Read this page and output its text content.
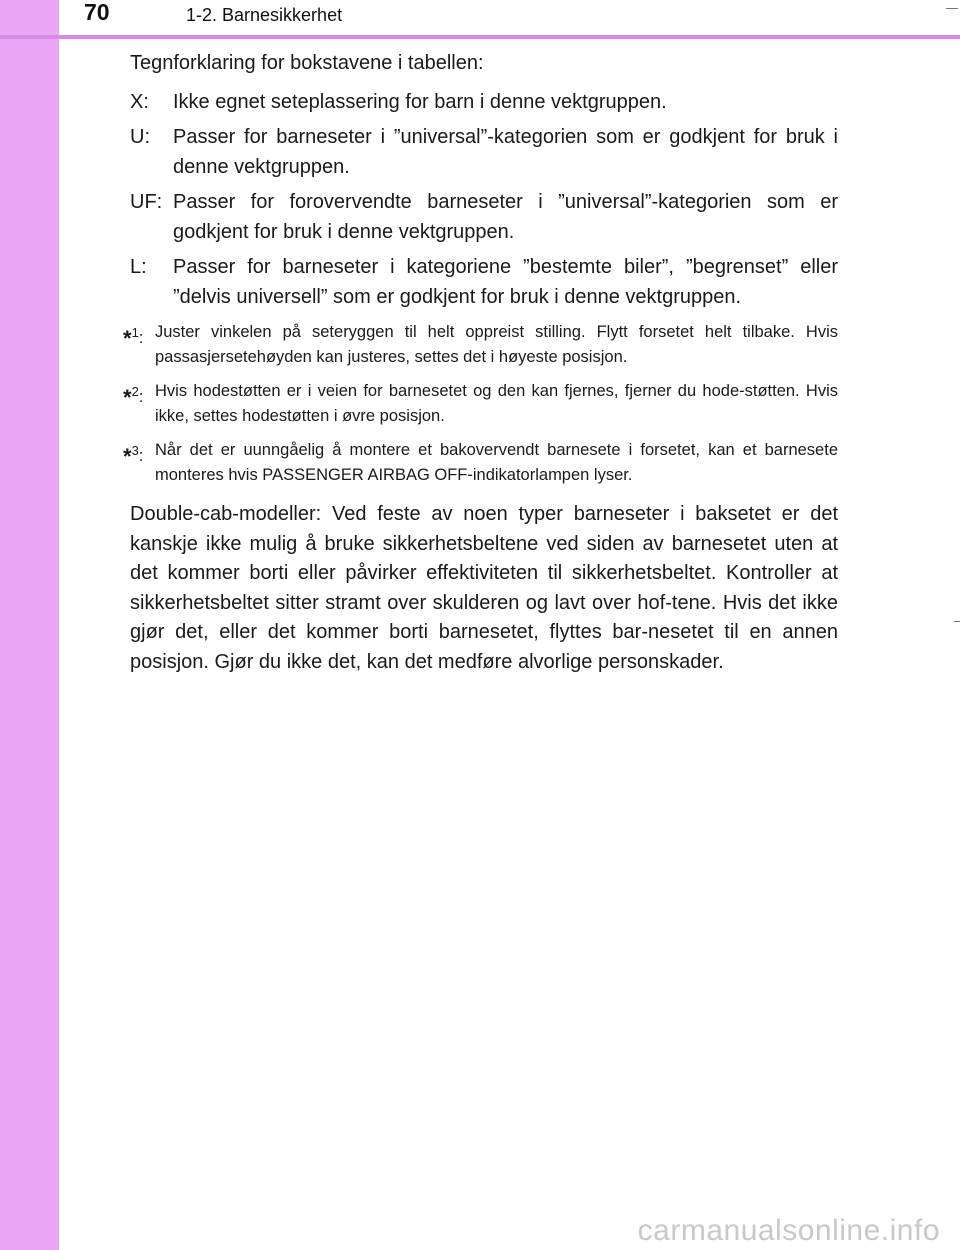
70	1-2. Barnesikkerhet

Tegnforklaring for bokstavene i tabellen:

X:	Ikke egnet seteplassering for barn i denne vektgruppen.
U:	Passer for barneseter i ”universal”-kategorien som er godkjent for bruk i denne vektgruppen.
UF: Passer for forovervendte barneseter i ”universal”-kategorien som er godkjent for bruk i denne vektgruppen.
L:	Passer for barneseter i kategoriene ”bestemte biler”, ”begrenset” eller ”delvis universell” som er godkjent for bruk i denne vektgruppen.
*$^1$: Juster vinkelen på seteryggen til helt oppreist stilling. Flytt forsetet helt tilbake. Hvis passasjersetehøyden kan justeres, settes det i høyeste posisjon.
*$^2$: Hvis hodestøtten er i veien for barnesetet og den kan fjernes, fjerner du hode-støtten. Hvis ikke, settes hodestøtten i øvre posisjon.
*$^3$: Når det er uunngåelig å montere et bakovervendt barnesete i forsetet, kan et barnesete monteres hvis PASSENGER AIRBAG OFF-indikatorlampen lyser.

Double-cab-modeller: Ved feste av noen typer barneseter i baksetet er det kanskje ikke mulig å bruke sikkerhetsbeltene ved siden av barnesetet uten at det kommer borti eller påvirker effektiviteten til sikkerhetsbeltet. Kontroller at sikkerhetsbeltet sitter stramt over skulderen og lavt over hof-tene. Hvis det ikke gjør det, eller det kommer borti barnesetet, flyttes bar-nesetet til en annen posisjon. Gjør du ikke det, kan det medføre alvorlige personskader.

carmanualsonline.info
